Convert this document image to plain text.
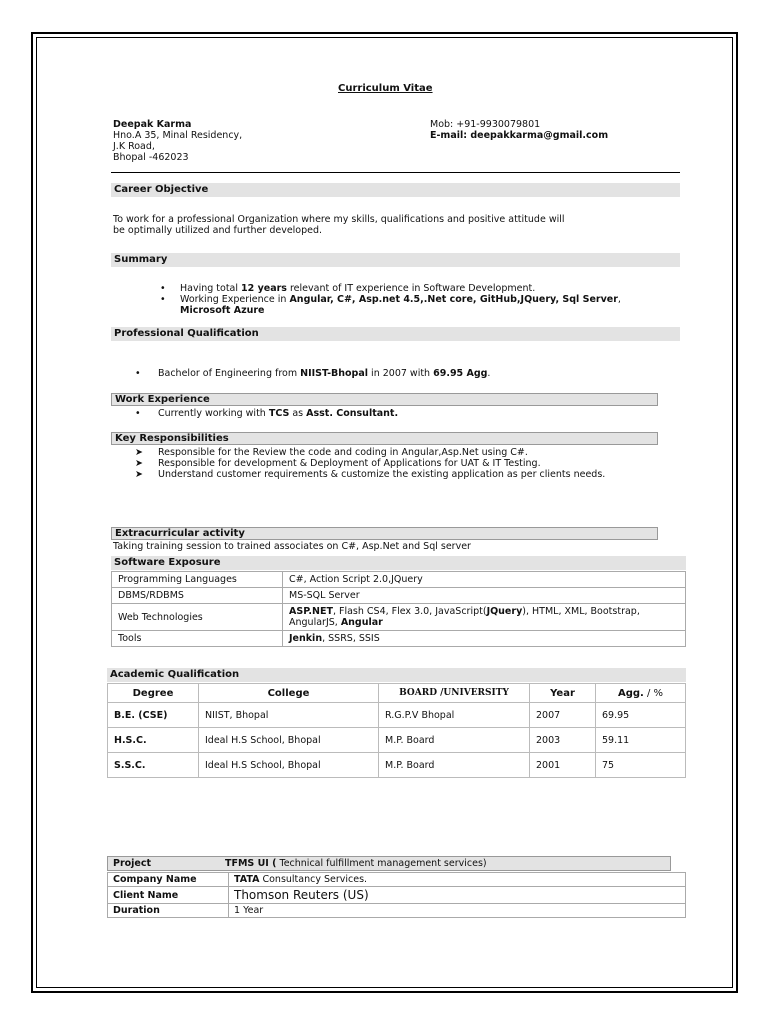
Curriculum Vitae
Deepak Karma
Hno.A 35, Minal Residency,
J.K Road,
Bhopal -462023
Mob: +91-9930079801
E-mail: deepakkarma@gmail.com
Career Objective
To work for a professional Organization where my skills, qualifications and positive attitude will
be optimally utilized and further developed.
Summary
• Having total 12 years relevant of IT experience in Software Development.
• Working Experience in Angular, C#, Asp.net 4.5,.Net core, GitHub,JQuery, Sql Server,
Microsoft Azure
Professional Qualification
• Bachelor of Engineering from NIIST-Bhopal in 2007 with 69.95 Agg.
Work Experience
• Currently working with TCS as Asst. Consultant.
Key Responsibilities
➤ Responsible for the Review the code and coding in Angular,Asp.Net using C#.
➤ Responsible for development & Deployment of Applications for UAT & IT Testing.
➤ Understand customer requirements & customize the existing application as per clients needs.
Extracurricular activity
Taking training session to trained associates on C#, Asp.Net and Sql server
Software Exposure
Programming Languages	C#, Action Script 2.0,JQuery
DBMS/RDBMS	MS-SQL Server
Web Technologies	ASP.NET, Flash CS4, Flex 3.0, JavaScript(JQuery), HTML, XML, Bootstrap,
AngularJS, Angular
Tools	Jenkin, SSRS, SSIS
Academic Qualification
Degree	College	BOARD /UNIVERSITY	Year	Agg. / %
B.E. (CSE)	NIIST, Bhopal	R.G.P.V Bhopal	2007	69.95
H.S.C.	Ideal H.S School, Bhopal	M.P. Board	2003	59.11
S.S.C.	Ideal H.S School, Bhopal	M.P. Board	2001	75
Project	TFMS UI ( Technical fulfillment management services)
Company Name	TATA Consultancy Services.
Client Name	Thomson Reuters (US)
Duration	1 Year
